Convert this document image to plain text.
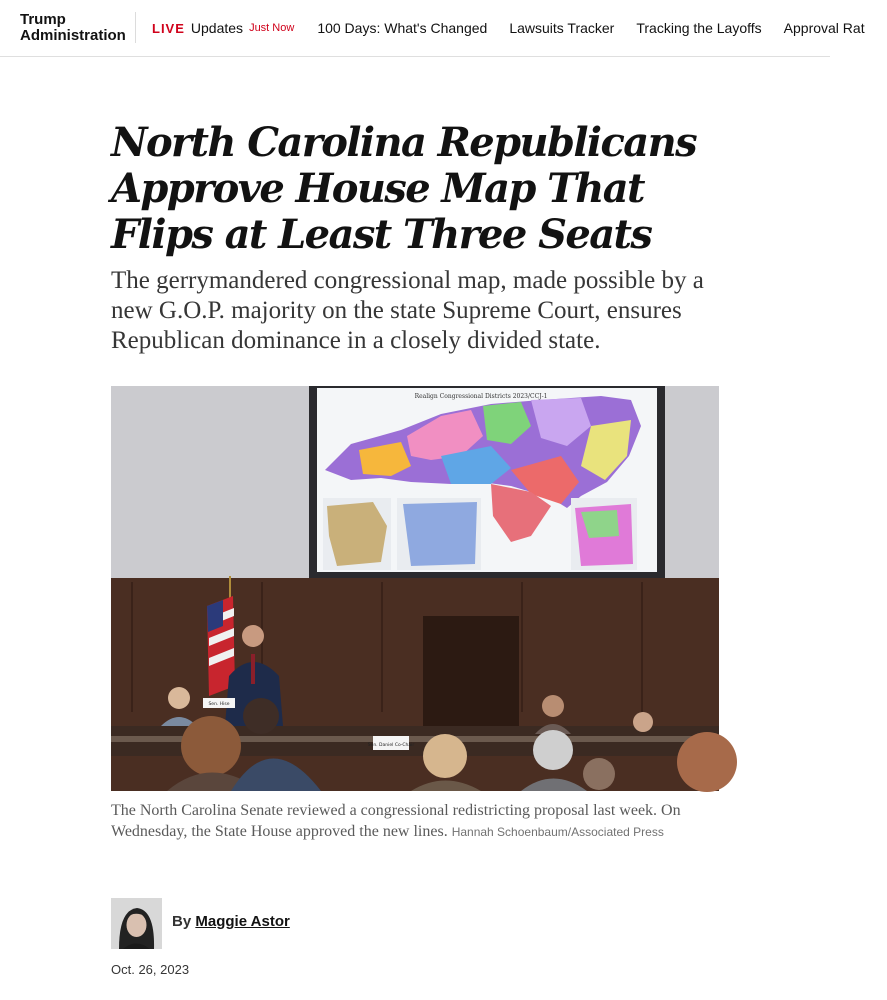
Trump
Administration LIVE Updates Just Now 100 Days: What's Changed Lawsuits Tracker Tracking the Layoffs Approval Rat
North Carolina Republicans Approve House Map That Flips at Least Three Seats

The gerrymandered congressional map, made possible by a new G.O.P. majority on the state Supreme Court, ensures Republican dominance in a closely divided state.

Realign Congressional Districts 2023/CCJ-1
Sen. Daniel Co-Chair
Sen. Hise

The North Carolina Senate reviewed a congressional redistricting proposal last week. On Wednesday, the State House approved the new lines. Hannah Schoenbaum/Associated Press

By Maggie Astor
Oct. 26, 2023
